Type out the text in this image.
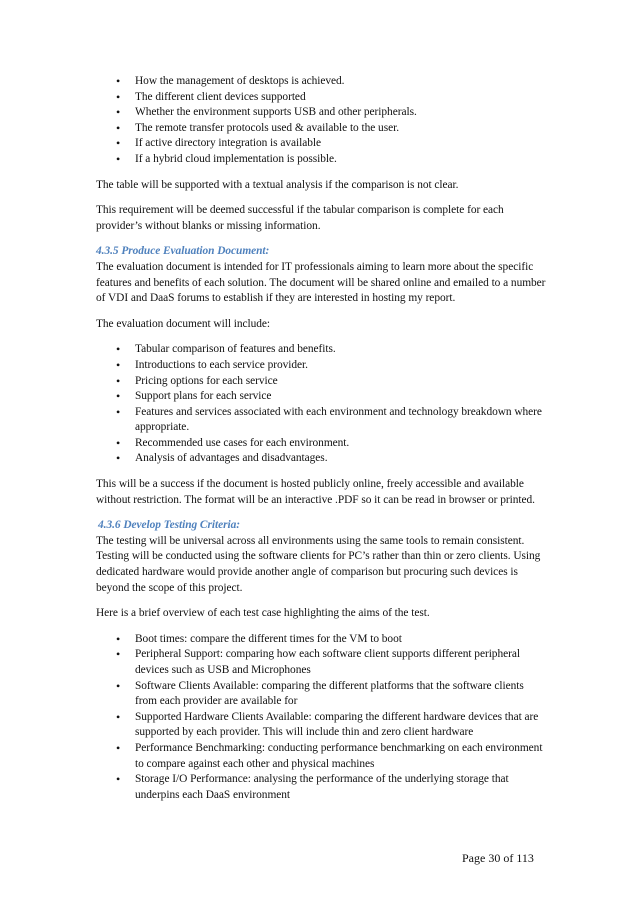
• How the management of desktops is achieved.
• The different client devices supported
• Whether the environment supports USB and other peripherals.
• The remote transfer protocols used & available to the user.
• If active directory integration is available
• If a hybrid cloud implementation is possible.

The table will be supported with a textual analysis if the comparison is not clear.

This requirement will be deemed successful if the tabular comparison is complete for each provider’s without blanks or missing information.

4.3.5 Produce Evaluation Document:

The evaluation document is intended for IT professionals aiming to learn more about the specific features and benefits of each solution. The document will be shared online and emailed to a number of VDI and DaaS forums to establish if they are interested in hosting my report.

The evaluation document will include:

• Tabular comparison of features and benefits.
• Introductions to each service provider.
• Pricing options for each service
• Support plans for each service
• Features and services associated with each environment and technology breakdown where appropriate.
• Recommended use cases for each environment.
• Analysis of advantages and disadvantages.

This will be a success if the document is hosted publicly online, freely accessible and available without restriction. The format will be an interactive .PDF so it can be read in browser or printed.

4.3.6 Develop Testing Criteria:

The testing will be universal across all environments using the same tools to remain consistent. Testing will be conducted using the software clients for PC’s rather than thin or zero clients. Using dedicated hardware would provide another angle of comparison but procuring such devices is beyond the scope of this project.

Here is a brief overview of each test case highlighting the aims of the test.

• Boot times: compare the different times for the VM to boot
• Peripheral Support: comparing how each software client supports different peripheral devices such as USB and Microphones
• Software Clients Available: comparing the different platforms that the software clients from each provider are available for
• Supported Hardware Clients Available: comparing the different hardware devices that are supported by each provider. This will include thin and zero client hardware
• Performance Benchmarking: conducting performance benchmarking on each environment to compare against each other and physical machines
• Storage I/O Performance: analysing the performance of the underlying storage that underpins each DaaS environment
Page 30 of 113
